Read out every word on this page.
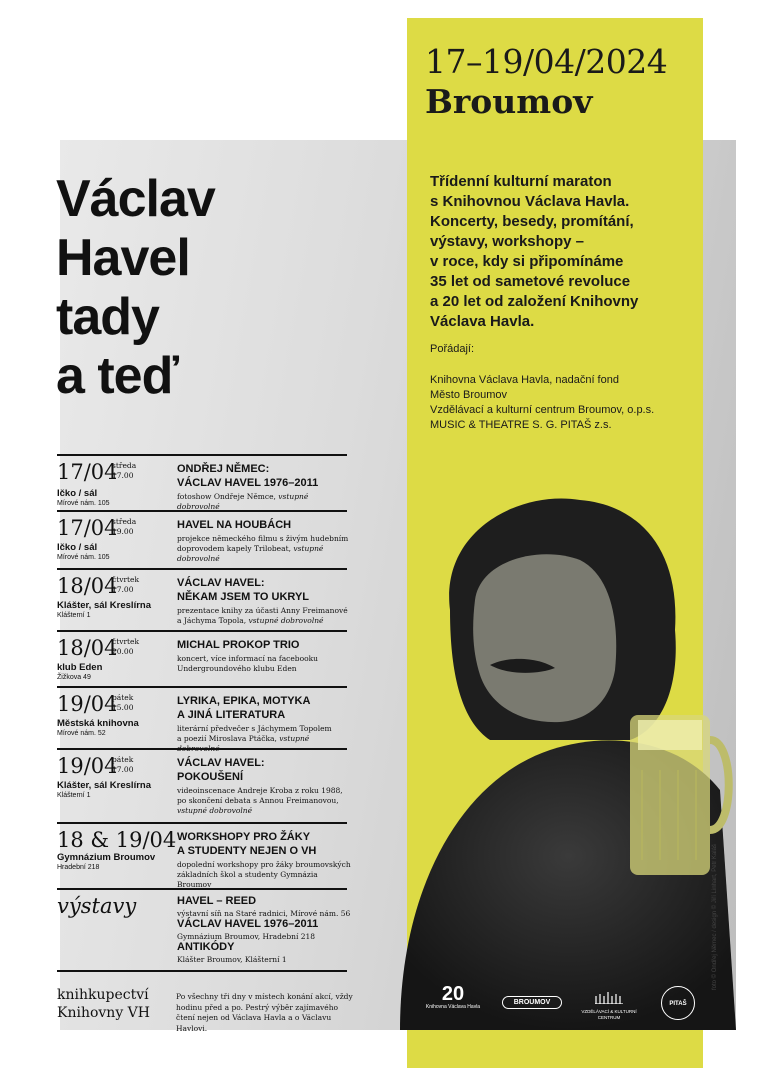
17–19/04/2024
Broumov
Václav
Havel
tady
a teď
Třídenní kulturní maraton
s Knihovnou Václava Havla.
Koncerty, besedy, promítání,
výstavy, workshopy –
v roce, kdy si připomínáme
35 let od sametové revoluce
a 20 let od založení Knihovny
Václava Havla.
Pořádají:
Knihovna Václava Havla, nadační fond
Město Broumov
Vzdělávací a kulturní centrum Broumov, o.p.s.
MUSIC & THEATRE S. G. PITAŠ z.s.
17/04
středa
17.00
Ičko / sál
Mírové nám. 105
ONDŘEJ NĚMEC:
VÁCLAV HAVEL 1976–2011
fotoshow Ondřeje Němce, vstupné dobrovolné
17/04
středa
19.00
Ičko / sál
Mírové nám. 105
HAVEL NA HOUBÁCH
projekce německého filmu s živým hudebním
doprovodem kapely Trilobeat, vstupné dobrovolné
18/04
čtvrtek
17.00
Klášter, sál Kreslírna
Klášterní 1
VÁCLAV HAVEL:
NĚKAM JSEM TO UKRYL
prezentace knihy za účasti Anny Freimanové
a Jáchyma Topola, vstupné dobrovolné
18/04
čtvrtek
20.00
klub Eden
Žižkova 49
MICHAL PROKOP TRIO
koncert, více informací na facebooku
Undergroundového klubu Eden
19/04
pátek
15.00
Městská knihovna
Mírové nám. 52
LYRIKA, EPIKA, MOTYKA
A JINÁ LITERATURA
literární předvečer s Jáchymem Topolem
a poezií Miroslava Ptáčka, vstupné dobrovolné
19/04
pátek
17.00
Klášter, sál Kreslírna
Klášterní 1
VÁCLAV HAVEL:
POKOUŠENÍ
videoinscenace Andreje Kroba z roku 1988,
po skončení debata s Annou Freimanovou,
vstupné dobrovolné
18 & 19/04
Gymnázium Broumov
Hradební 218
WORKSHOPY PRO ŽÁKY
A STUDENTY NEJEN O VH
dopolední workshopy pro žáky broumovských
základních škol a studenty Gymnázia Broumov
výstavy	HAVEL – REED
výstavní síň na Staré radnici, Mírové nám. 56
VÁCLAV HAVEL 1976–2011
Gymnázium Broumov, Hradební 218
ANTIKÓDY
Klášter Broumov, Klášterní 1
knihkupectví
Knihovny VH
Po všechny tři dny v místech konání akcí, vždy hodinu před a po. Pestrý výběr zajímavého čtení nejen od Václava Havla a o Václavu Havlovi.
20
Knihovna Václava Havla
BROUMOV
VZDĚLÁVACÍ & KULTURNÍ CENTRUM
PITAŠ
foto © Ondřej Němec / design © Jiří Linhart, Petr Kaláš
